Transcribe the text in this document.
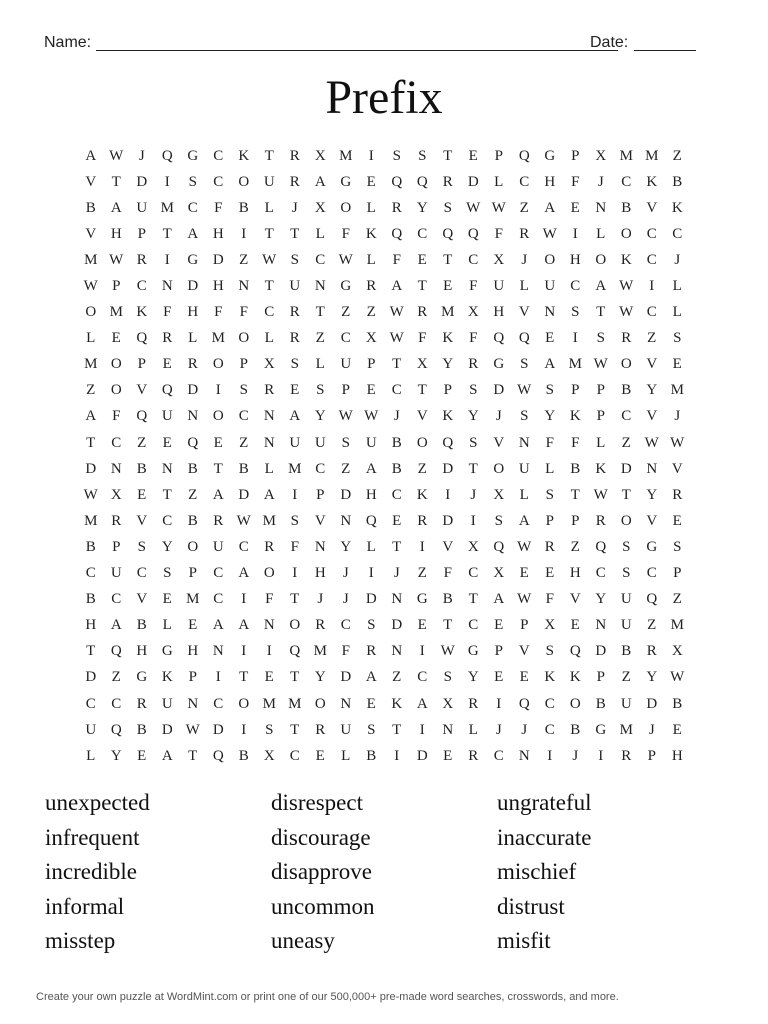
Name:	Date:
Prefix
A W	J	Q G	C	K	T	R	X M	I	S	S	T	E	P	Q G	P	X M M Z
V	T	D	I	S	C	O U	R	A G	E	Q Q	R	D	L	C	H	F	J	C	K	B
B	A U M C	F	B	L	J	X O	L	R	Y	S W W Z	A	E	N	B	V K
V H	P	T	A H	I	T	T	L	F	K Q	C	Q Q	F	R W	I	L	O	C	C
M W R	I	G D	Z W S	C W L	F	E	T	C	X	J	O H O K	C	J
W P	C	N D H N	T	U N G	R	A	T	E	F	U	L	U	C	A W	I	L
O M K	F	H	F	F	C	R	T	Z	Z W R M X H V N	S	T W C	L
L	E	Q	R	L M O	L	R	Z	C	X W F	K	F	Q Q	E	I	S	R	Z	S
M O	P	E	R	O	P	X	S	L	U	P	T	X Y	R	G	S	A M W O V	E
Z	O V Q D	I	S	R	E	S	P	E	C	T	P	S	D W S	P	P	B	Y M
A	F	Q U N O	C	N A Y W W	J	V K Y	J	S	Y K	P	C	V	J
T	C	Z	E	Q	E	Z	N U U	S	U	B	O Q	S	V N	F	F	L	Z W W
D N	B	N	B	T	B	L M C	Z	A	B	Z	D	T	O U	L	B	K D N V
W X	E	T	Z	A D A	I	P	D H	C	K	I	J	X	L	S	T W T	Y	R
M R	V	C	B	R W M S	V N Q	E	R	D	I	S	A	P	P	R	O V	E
B	P	S	Y O U	C	R	F	N Y	L	T	I	V X Q W R	Z	Q	S	G	S
C	U	C	S	P	C	A O	I	H	J	I	J	Z	F	C	X	E	E	H	C	S	C	P
B	C	V	E M C	I	F	T	J	J	D N G	B	T	A W F	V Y U Q	Z
H A	B	L	E	A A N O	R	C	S	D	E	T	C	E	P	X	E	N U	Z M
T	Q H G H N	I	I	Q M F	R	N	I	W G	P	V	S	Q D	B	R	X
D	Z	G K	P	I	T	E	T	Y D A	Z	C	S	Y	E	E	K K	P	Z	Y W
C	C	R	U N	C	O M M O N	E	K A X	R	I	Q	C	O	B	U D	B
U Q	B	D W D	I	S	T	R	U	S	T	I	N	L	J	J	C	B	G M	J	E
L	Y	E	A	T	Q	B	X	C	E	L	B	I	D	E	R	C	N	I	J	I	R	P	H
unexpected	disrespect	ungrateful
infrequent	discourage	inaccurate
incredible	disapprove	mischief
informal	uncommon	distrust
misstep	uneasy	misfit
Create your own puzzle at WordMint.com or print one of our 500,000+ pre-made word searches, crosswords, and more.
